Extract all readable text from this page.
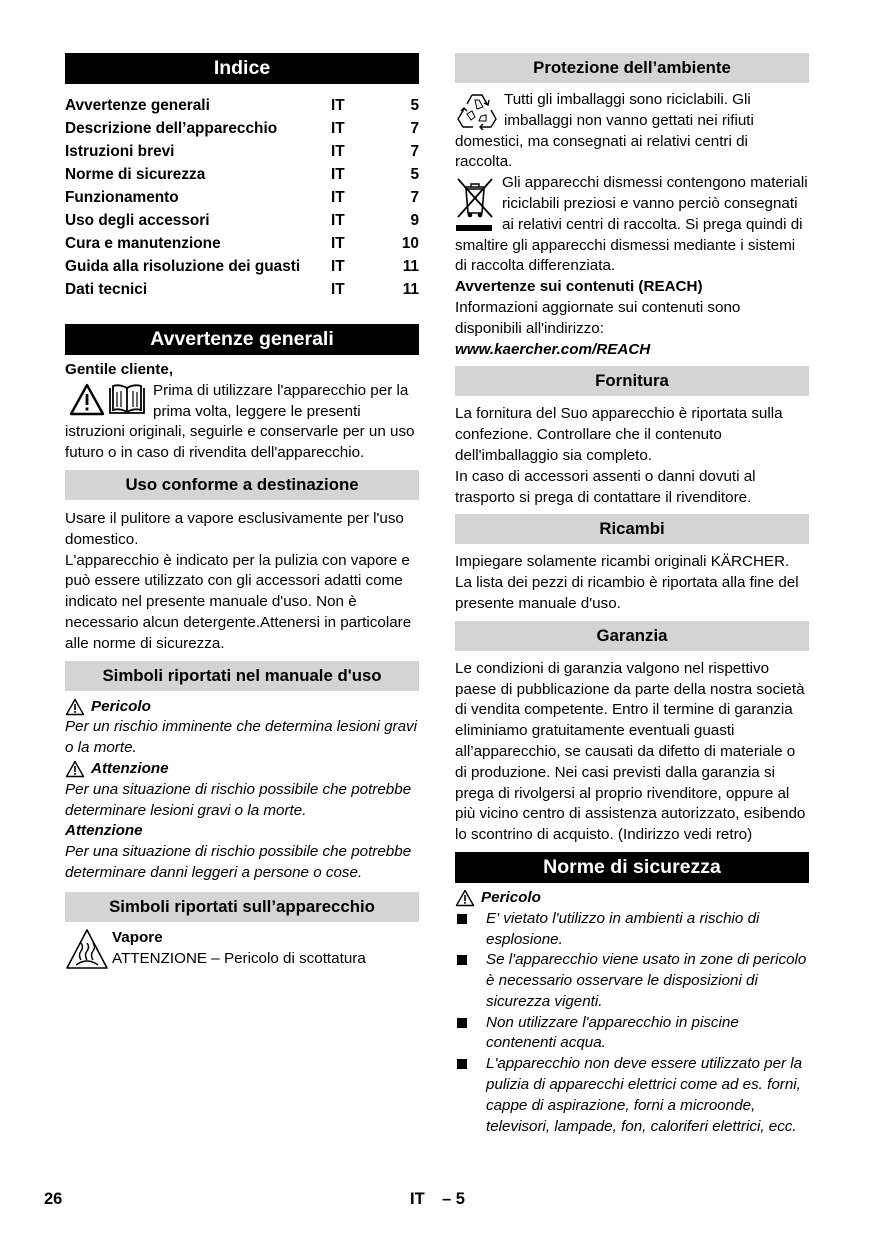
Indice
Avvertenze generali	IT	5
Descrizione dell’apparecchio	IT	7
Istruzioni brevi	IT	7
Norme di sicurezza	IT	5
Funzionamento	IT	7
Uso degli accessori	IT	9
Cura e manutenzione	IT	10
Guida alla risoluzione dei guasti	IT	11
Dati tecnici	IT	11
Avvertenze generali

Gentile cliente,

Prima di utilizzare l'apparecchio per la prima volta, leggere le presenti

istruzioni originali, seguirle e conservarle per un uso futuro o in caso di rivendita dell'apparecchio.

Uso conforme a destinazione

Usare il pulitore a vapore esclusivamente per l'uso domestico.
L'apparecchio è indicato per la pulizia con vapore e può essere utilizzato con gli accessori adatti come indicato nel presente manuale d'uso. Non è necessario alcun detergente.Attenersi in particolare alle norme di sicurezza.

Simboli riportati nel manuale d'uso
Pericolo

Per un rischio imminente che determina lesioni gravi o la morte.

Attenzione

Per una situazione di rischio possibile che potrebbe determinare lesioni gravi o la morte.

Attenzione

Per una situazione di rischio possibile che potrebbe determinare danni leggeri a persone o cose.

Simboli riportati sull’apparecchio

Vapore

ATTENZIONE – Pericolo di scottatura

Protezione dell’ambiente

Tutti gli imballaggi sono riciclabili. Gli imballaggi non vanno gettati nei rifiuti domestici, ma consegnati ai relativi centri di raccolta.

Gli apparecchi dismessi contengono materiali riciclabili preziosi e vanno perciò consegnati ai relativi centri di raccolta. Si prega quindi di smaltire gli apparecchi dismessi mediante i sistemi di raccolta differenziata.

Avvertenze sui contenuti (REACH)

Informazioni aggiornate sui contenuti sono disponibili all'indirizzo:

www.kaercher.com/REACH

Fornitura

La fornitura del Suo apparecchio è riportata sulla confezione. Controllare che il contenuto dell'imballaggio sia completo.
In caso di accessori assenti o danni dovuti al trasporto si prega di contattare il rivenditore.

Ricambi

Impiegare solamente ricambi originali KÄRCHER. La lista dei pezzi di ricambio è riportata alla fine del presente manuale d'uso.

Garanzia

Le condizioni di garanzia valgono nel rispettivo paese di pubblicazione da parte della nostra società di vendita competente. Entro il termine di garanzia eliminiamo gratuitamente eventuali guasti all’apparecchio, se causati da difetto di materiale o di produzione. Nei casi previsti dalla garanzia si prega di rivolgersi al proprio rivenditore, oppure al più vicino centro di assistenza autorizzato, esibendo lo scontrino di acquisto. (Indirizzo vedi retro)

Norme di sicurezza
Pericolo
E' vietato l'utilizzo in ambienti a rischio di esplosione.
Se l'apparecchio viene usato in zone di pericolo è necessario osservare le disposizioni di sicurezza vigenti.
Non utilizzare l'apparecchio in piscine contenenti acqua.
L'apparecchio non deve essere utilizzato per la pulizia di apparecchi elettrici come ad es. forni, cappe di aspirazione, forni a microonde, televisori, lampade, fon, caloriferi elettrici, ecc.
26	IT – 5
